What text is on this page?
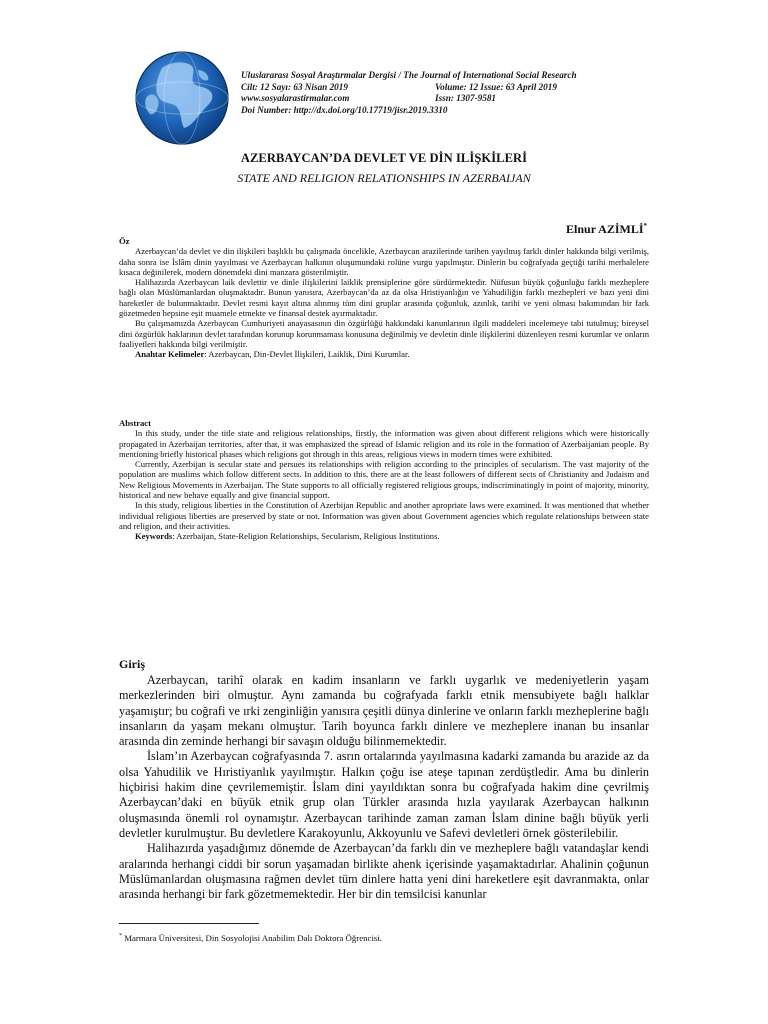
Uluslararası Sosyal Araştırmalar Dergisi / The Journal of International Social Research
Cilt: 12 Sayı: 63 Nisan 2019	Volume: 12 Issue: 63 April 2019
www.sosyalarastirmalar.com	Issn: 1307-9581
Doi Number: http://dx.doi.org/10.17719/jisr.2019.3310
AZERBAYCAN’DA DEVLET VE DİN ILİŞKİLERİ
STATE AND RELIGION RELATIONSHIPS IN AZERBAIJAN
Elnur AZİMLİ*

Öz

Azerbaycan’da devlet ve din ilişkileri başlıklı bu çalışmada öncelikle, Azerbaycan arazilerinde tarihen yayılmış farklı dinler hakkında bilgi verilmiş, daha sonra ise İslâm dinin yayılması ve Azerbaycan halkının oluşumundaki rolüne vurgu yapılmıştır. Dinlerin bu coğrafyada geçtiği tarihi merhalelere kısaca değinilerek, modern dönemdeki dini manzara gösterilmiştir.

Halihazırda Azerbaycan laik devlettir ve dinle ilişkilerini laiklik prensiplerine göre sürdürmektedir. Nüfusun büyük çoğunluğu farklı mezheplere bağlı olan Müslümanlardan oluşmaktadır. Bunun yanısıra, Azerbaycan’da az da olsa Hristiyanlığın ve Yahudiliğin farklı mezhepleri ve bazı yeni dini hareketler de bulunmaktadır. Devlet resmi kayıt altına alınmış tüm dini gruplar arasında çoğunluk, azınlık, tarihi ve yeni olması bakımından bir fark gözetmeden hepsine eşit muamele etmekte ve finansal destek ayırmaktadır.

Bu çalışmamızda Azerbaycan Cumhuriyeti anayasasının din özgürlüğü hakkındaki kanunlarının ilgili maddeleri incelemeye tabi tutulmuş; bireysel dini özgürlük haklarının devlet tarafından korunup korunmaması konusuna değinilmiş ve devletin dinle ilişkilerini düzenleyen resmi kurumlar ve onların faaliyetleri hakkında bilgi verilmiştir.

Anahtar Kelimeler: Azerbaycan, Din-Devlet İlişkileri, Laiklik, Dini Kurumlar.

Abstract

In this study, under the title state and religious relationships, firstly, the information was given about different religions which were historically propagated in Azerbaijan territories, after that, it was emphasized the spread of Islamic religion and its role in the formation of Azerbaijanian people. By mentioning briefly historical phases which religions got through in this areas, religious views in modern times were exhibited.

Currently, Azerbijan is secular state and persues its relationships with religion according to the principles of secularism. The vast majority of the population are muslims which follow different sects. In addition to this, there are at the least followers of different sects of Christianity and Judaism and New Religious Movements in Azerbaijan. The State supports to all officially registered religious groups, indiscriminatingly in point of majority, minority, historical and new behave equally and give financial support.

In this study, religious liberties in the Constitution of Azerbijan Republic and another apropriate laws were examined. It was mentioned that whether individual religious liberties are preserved by state or not. Information was given about Government agencies which regulate relationships between state and religion, and their activities.

Keywords: Azerbaijan, State-Religion Relationships, Secularism, Religious Institutions.

Giriş

Azerbaycan, tarihî olarak en kadim insanların ve farklı uygarlık ve medeniyetlerin yaşam merkezlerinden biri olmuştur. Aynı zamanda bu coğrafyada farklı etnik mensubiyete bağlı halklar yaşamıştır; bu coğrafi ve ırki zenginliğin yanısıra çeşitli dünya dinlerine ve onların farklı mezheplerine bağlı insanların da yaşam mekanı olmuştur. Tarih boyunca farklı dinlere ve mezheplere inanan bu insanlar arasında din zeminde herhangi bir savaşın olduğu bilinmemektedir.

İslam’ın Azerbaycan coğrafyasında 7. asrın ortalarında yayılmasına kadarki zamanda bu arazide az da olsa Yahudilik ve Hıristiyanlık yayılmıştır. Halkın çoğu ise ateşe tapınan zerdüştledir. Ama bu dinlerin hiçbirisi hakim dine çevrilememiştir. İslam dini yayıldıktan sonra bu coğrafyada hakim dine çevrilmiş Azerbaycan’daki en büyük etnik grup olan Türkler arasında hızla yayılarak Azerbaycan halkının oluşmasında önemli rol oynamıştır. Azerbaycan tarihinde zaman zaman İslam dinine bağlı büyük yerli devletler kurulmuştur. Bu devletlere Karakoyunlu, Akkoyunlu ve Safevi devletleri örnek gösterilebilir.

Halihazırda yaşadığımız dönemde de Azerbaycan’da farklı din ve mezheplere bağlı vatandaşlar kendi aralarında herhangi ciddi bir sorun yaşamadan birlikte ahenk içerisinde yaşamaktadırlar. Ahalinin çoğunun Müslümanlardan oluşmasına rağmen devlet tüm dinlere hatta yeni dini hareketlere eşit davranmakta, onlar arasında herhangi bir fark gözetmemektedir. Her bir din temsilcisi kanunlar

* Marmara Üniversitesi, Din Sosyolojisi Anabilim Dalı Doktora Öğrencisi.
